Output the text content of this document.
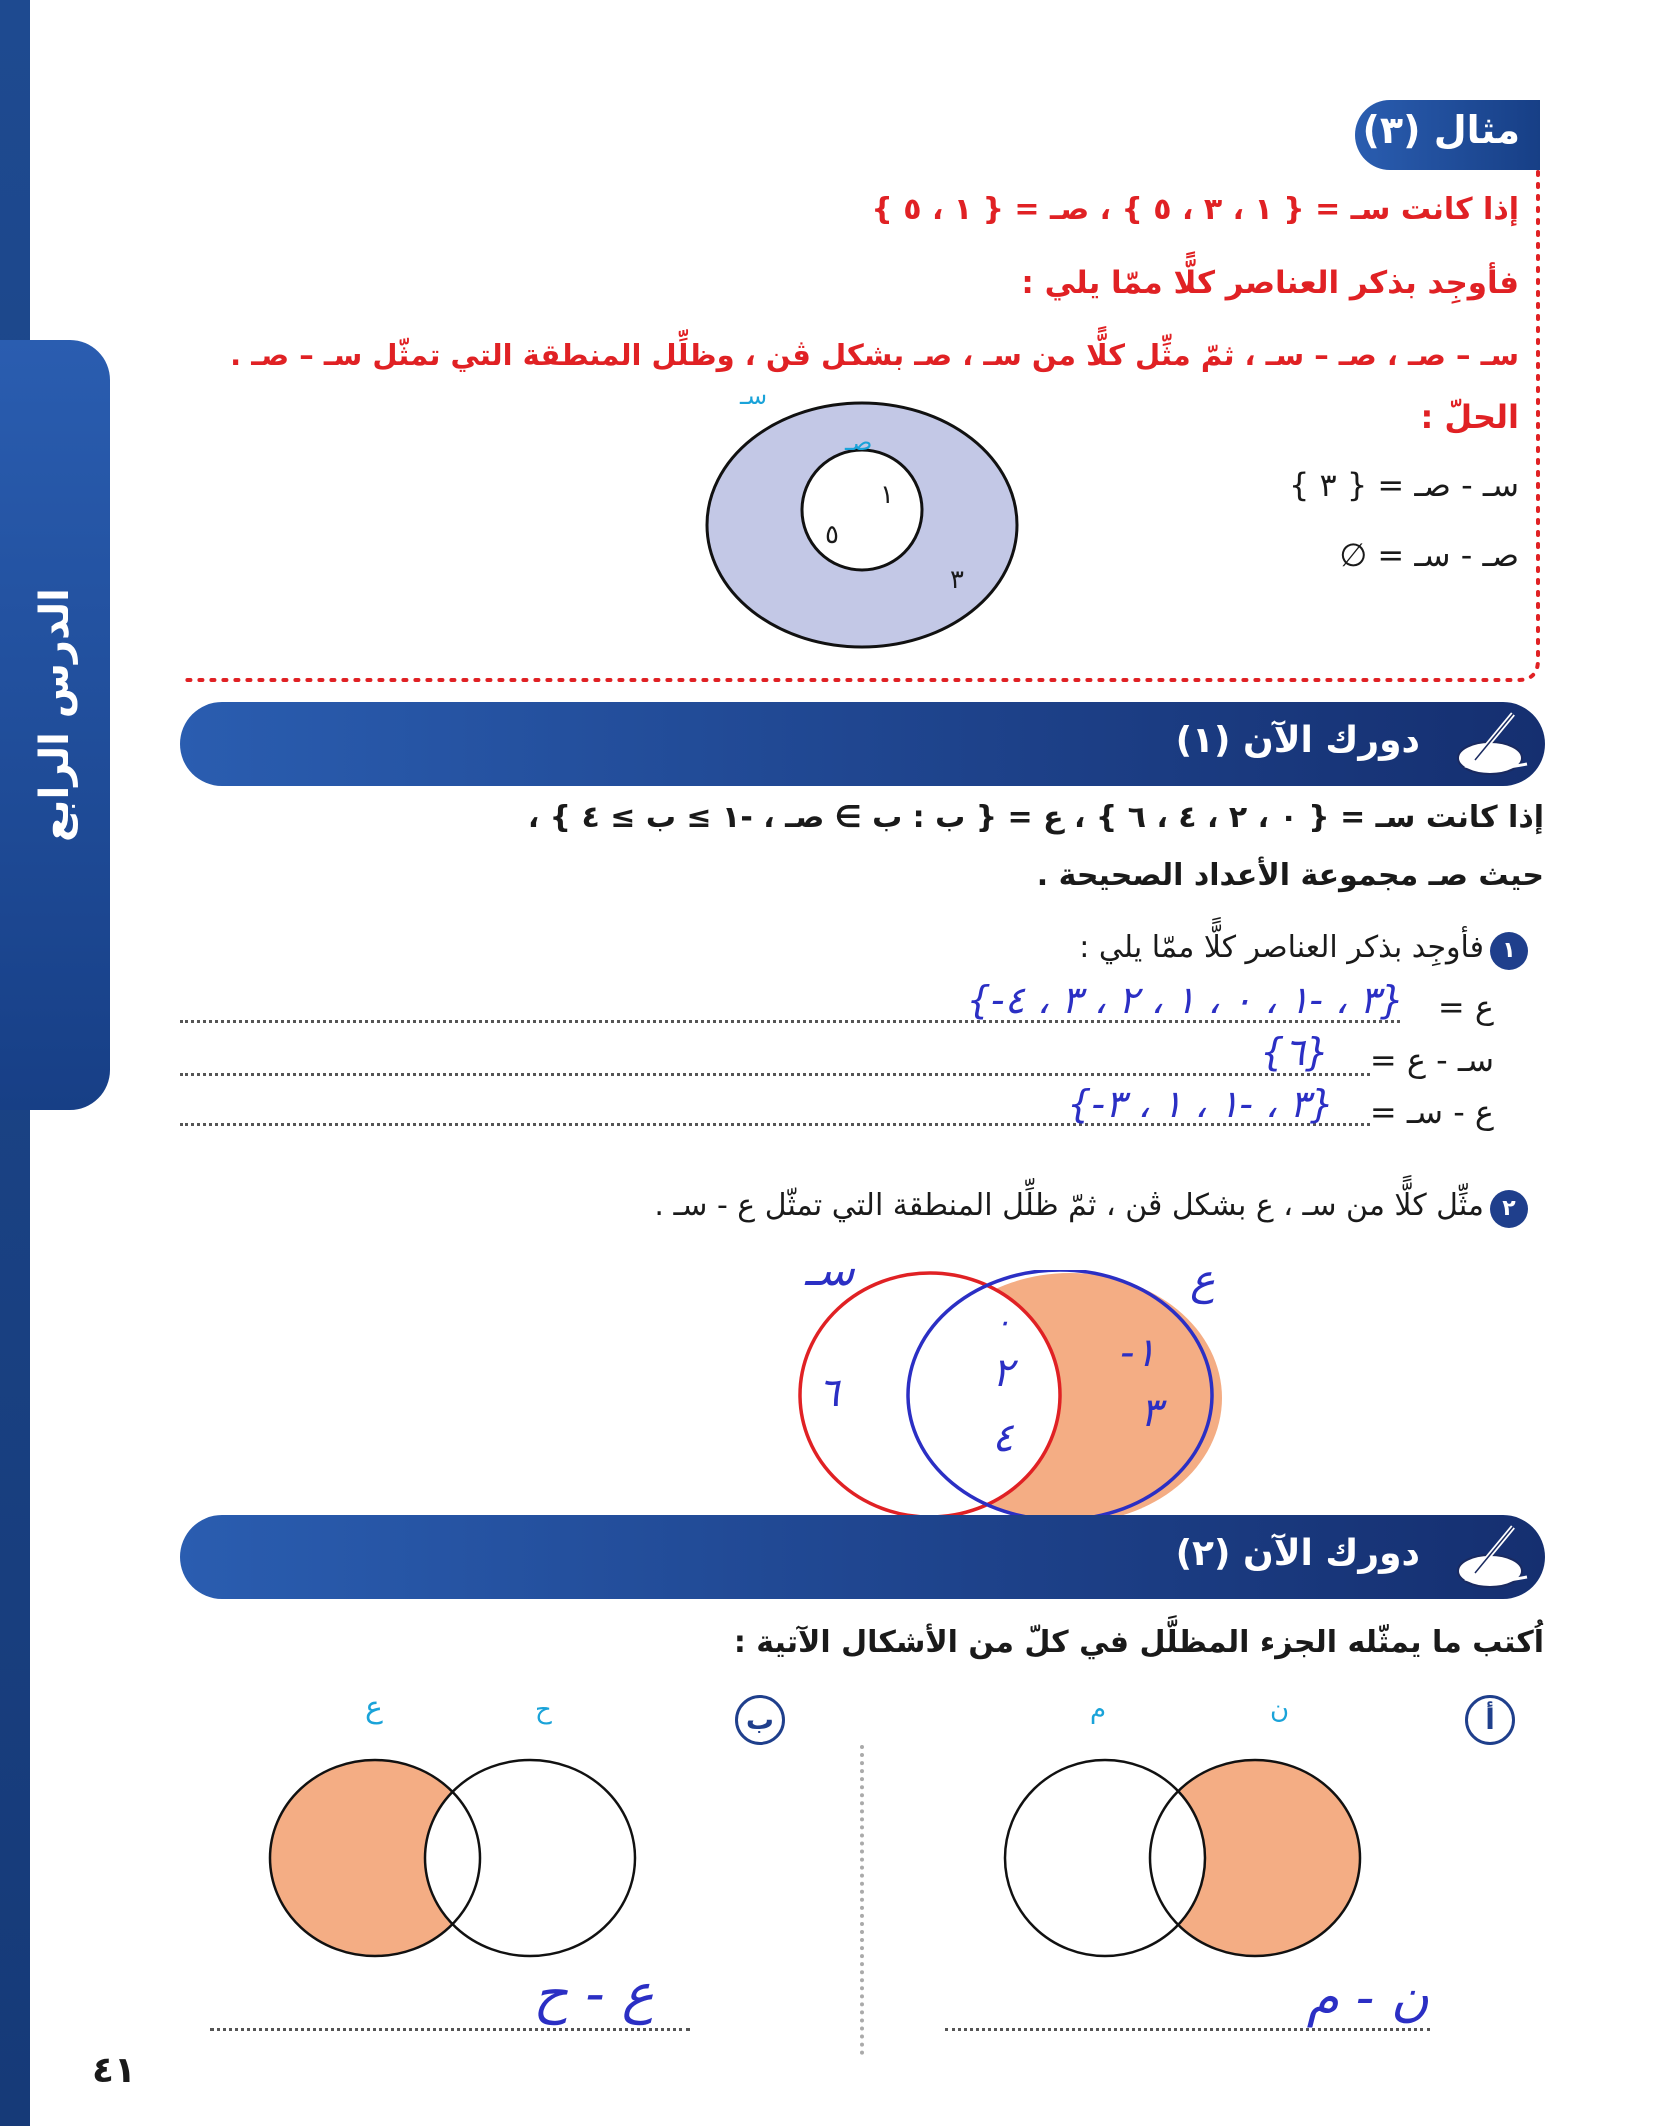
الدرس الرابع
مثال (٣) :
إذا كانت سـ = { ١ ، ٣ ، ٥ } ، صـ = { ١ ، ٥ }
فأوجِد بذكر العناصر كلًّا ممّا يلي :
سـ – صـ ، صـ – سـ ، ثمّ مثِّل كلًّا من سـ ، صـ بشكل ڤن ، وظلِّل المنطقة التي تمثّل سـ – صـ .
الحلّ :
سـ - صـ = { ٣ }
صـ - سـ = ∅
سـ
صـ
١
٥
٣
دورك الآن (١)
إذا كانت سـ = { ٠ ، ٢ ، ٤ ، ٦ } ، ع = { ب : ب ∋ صـ ، -١ ≥ ب ≥ ٤ } ،
حيث صـ مجموعة الأعداد الصحيحة .
١
فأوجِد بذكر العناصر كلًّا ممّا يلي :
ع =
{-٣ ، -١ ، ٠ ، ١ ، ٢ ، ٣ ، ٤}
سـ - ع =
{٦}
ع - سـ =
{-٣ ، -١ ، ١ ، ٣}
٢
مثِّل كلًّا من سـ ، ع بشكل ڤن ، ثمّ ظلِّل المنطقة التي تمثّل ع - سـ .
سـ	ع
٦
٠
٢
٤
-١
٣
دورك الآن (٢)
اُكتب ما يمثّله الجزء المظلَّل في كلّ من الأشكال الآتية :
أ
م	ن
ن - م
ب
ع	ح
ع - ح
٤١
